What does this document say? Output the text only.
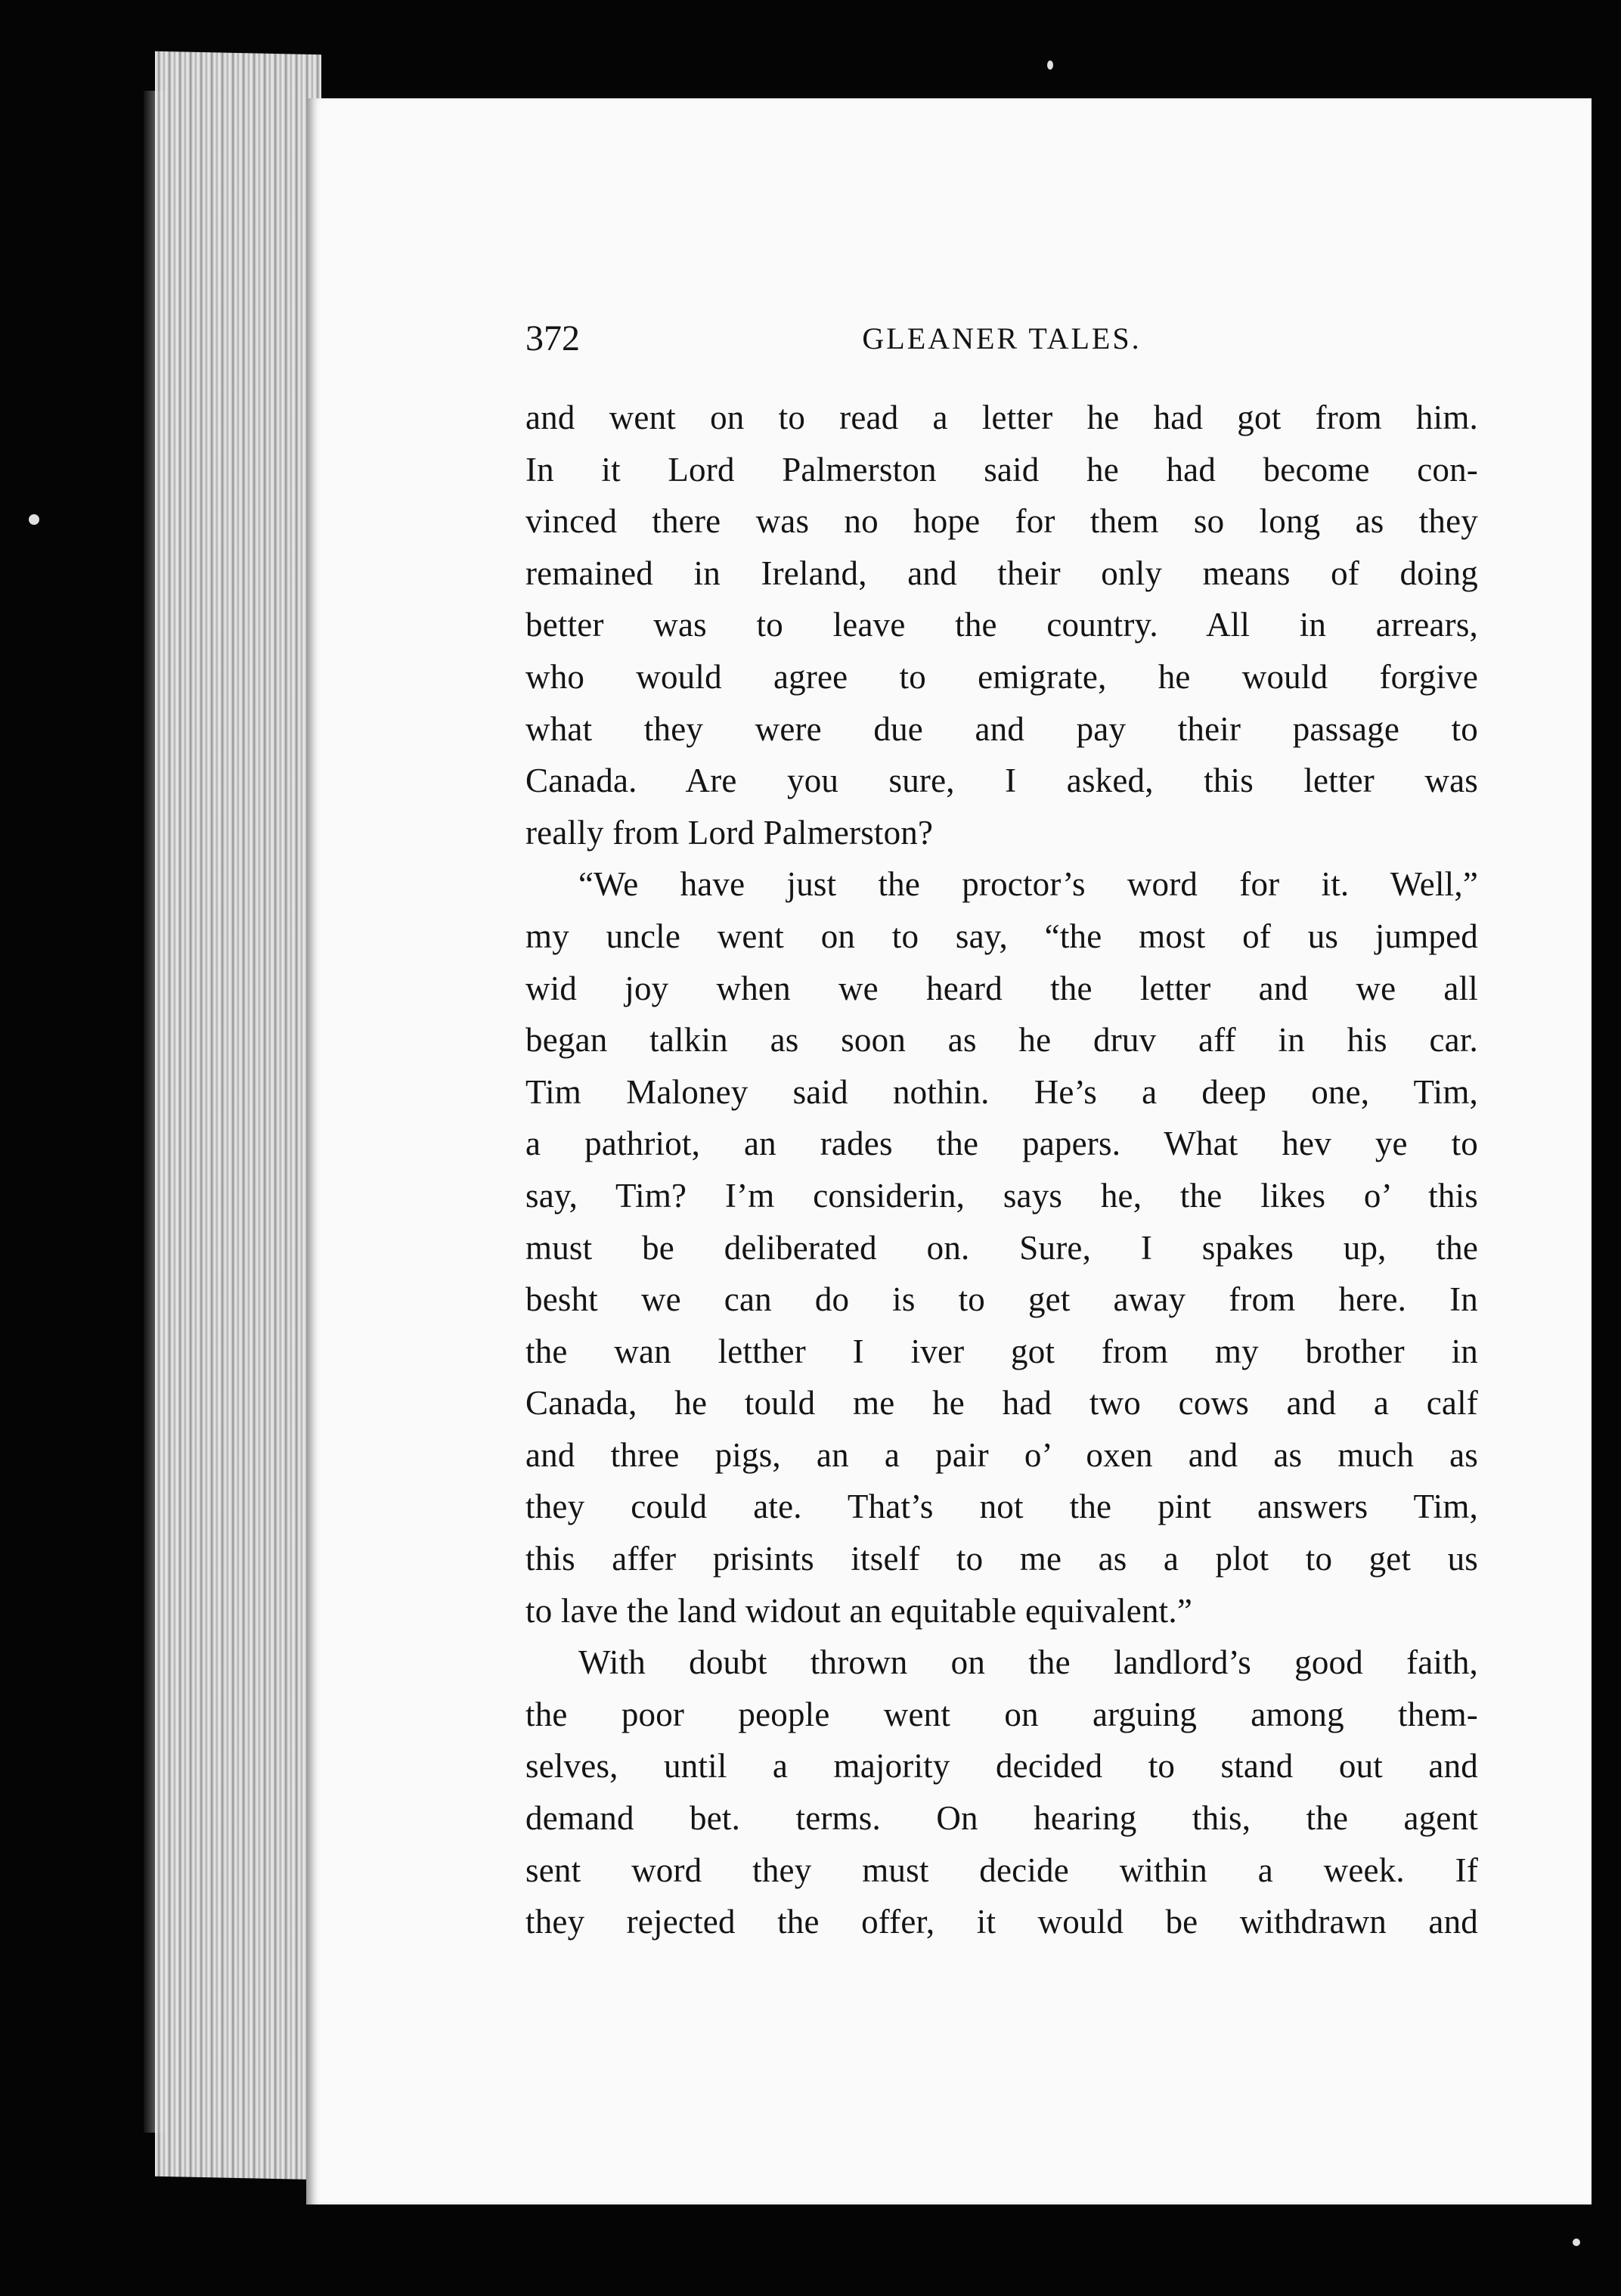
372	GLEANER TALES.
and went on to read a letter he had got from him.
In it Lord Palmerston said he had become con-
vinced there was no hope for them so long as they
remained in Ireland, and their only means of doing
better was to leave the country. All in arrears,
who would agree to emigrate, he would forgive
what they were due and pay their passage to
Canada. Are you sure, I asked, this letter was
really from Lord Palmerston?
“We have just the proctor’s word for it. Well,”
my uncle went on to say, “the most of us jumped
wid joy when we heard the letter and we all
began talkin as soon as he druv aff in his car.
Tim Maloney said nothin. He’s a deep one, Tim,
a pathriot, an rades the papers. What hev ye to
say, Tim? I’m considerin, says he, the likes o’ this
must be deliberated on. Sure, I spakes up, the
besht we can do is to get away from here. In
the wan letther I iver got from my brother in
Canada, he tould me he had two cows and a calf
and three pigs, an a pair o’ oxen and as much as
they could ate. That’s not the pint answers Tim,
this affer prisints itself to me as a plot to get us
to lave the land widout an equitable equivalent.”
With doubt thrown on the landlord’s good faith,
the poor people went on arguing among them-
selves, until a majority decided to stand out and
demand bet. terms. On hearing this, the agent
sent word they must decide within a week. If
they rejected the offer, it would be withdrawn and
